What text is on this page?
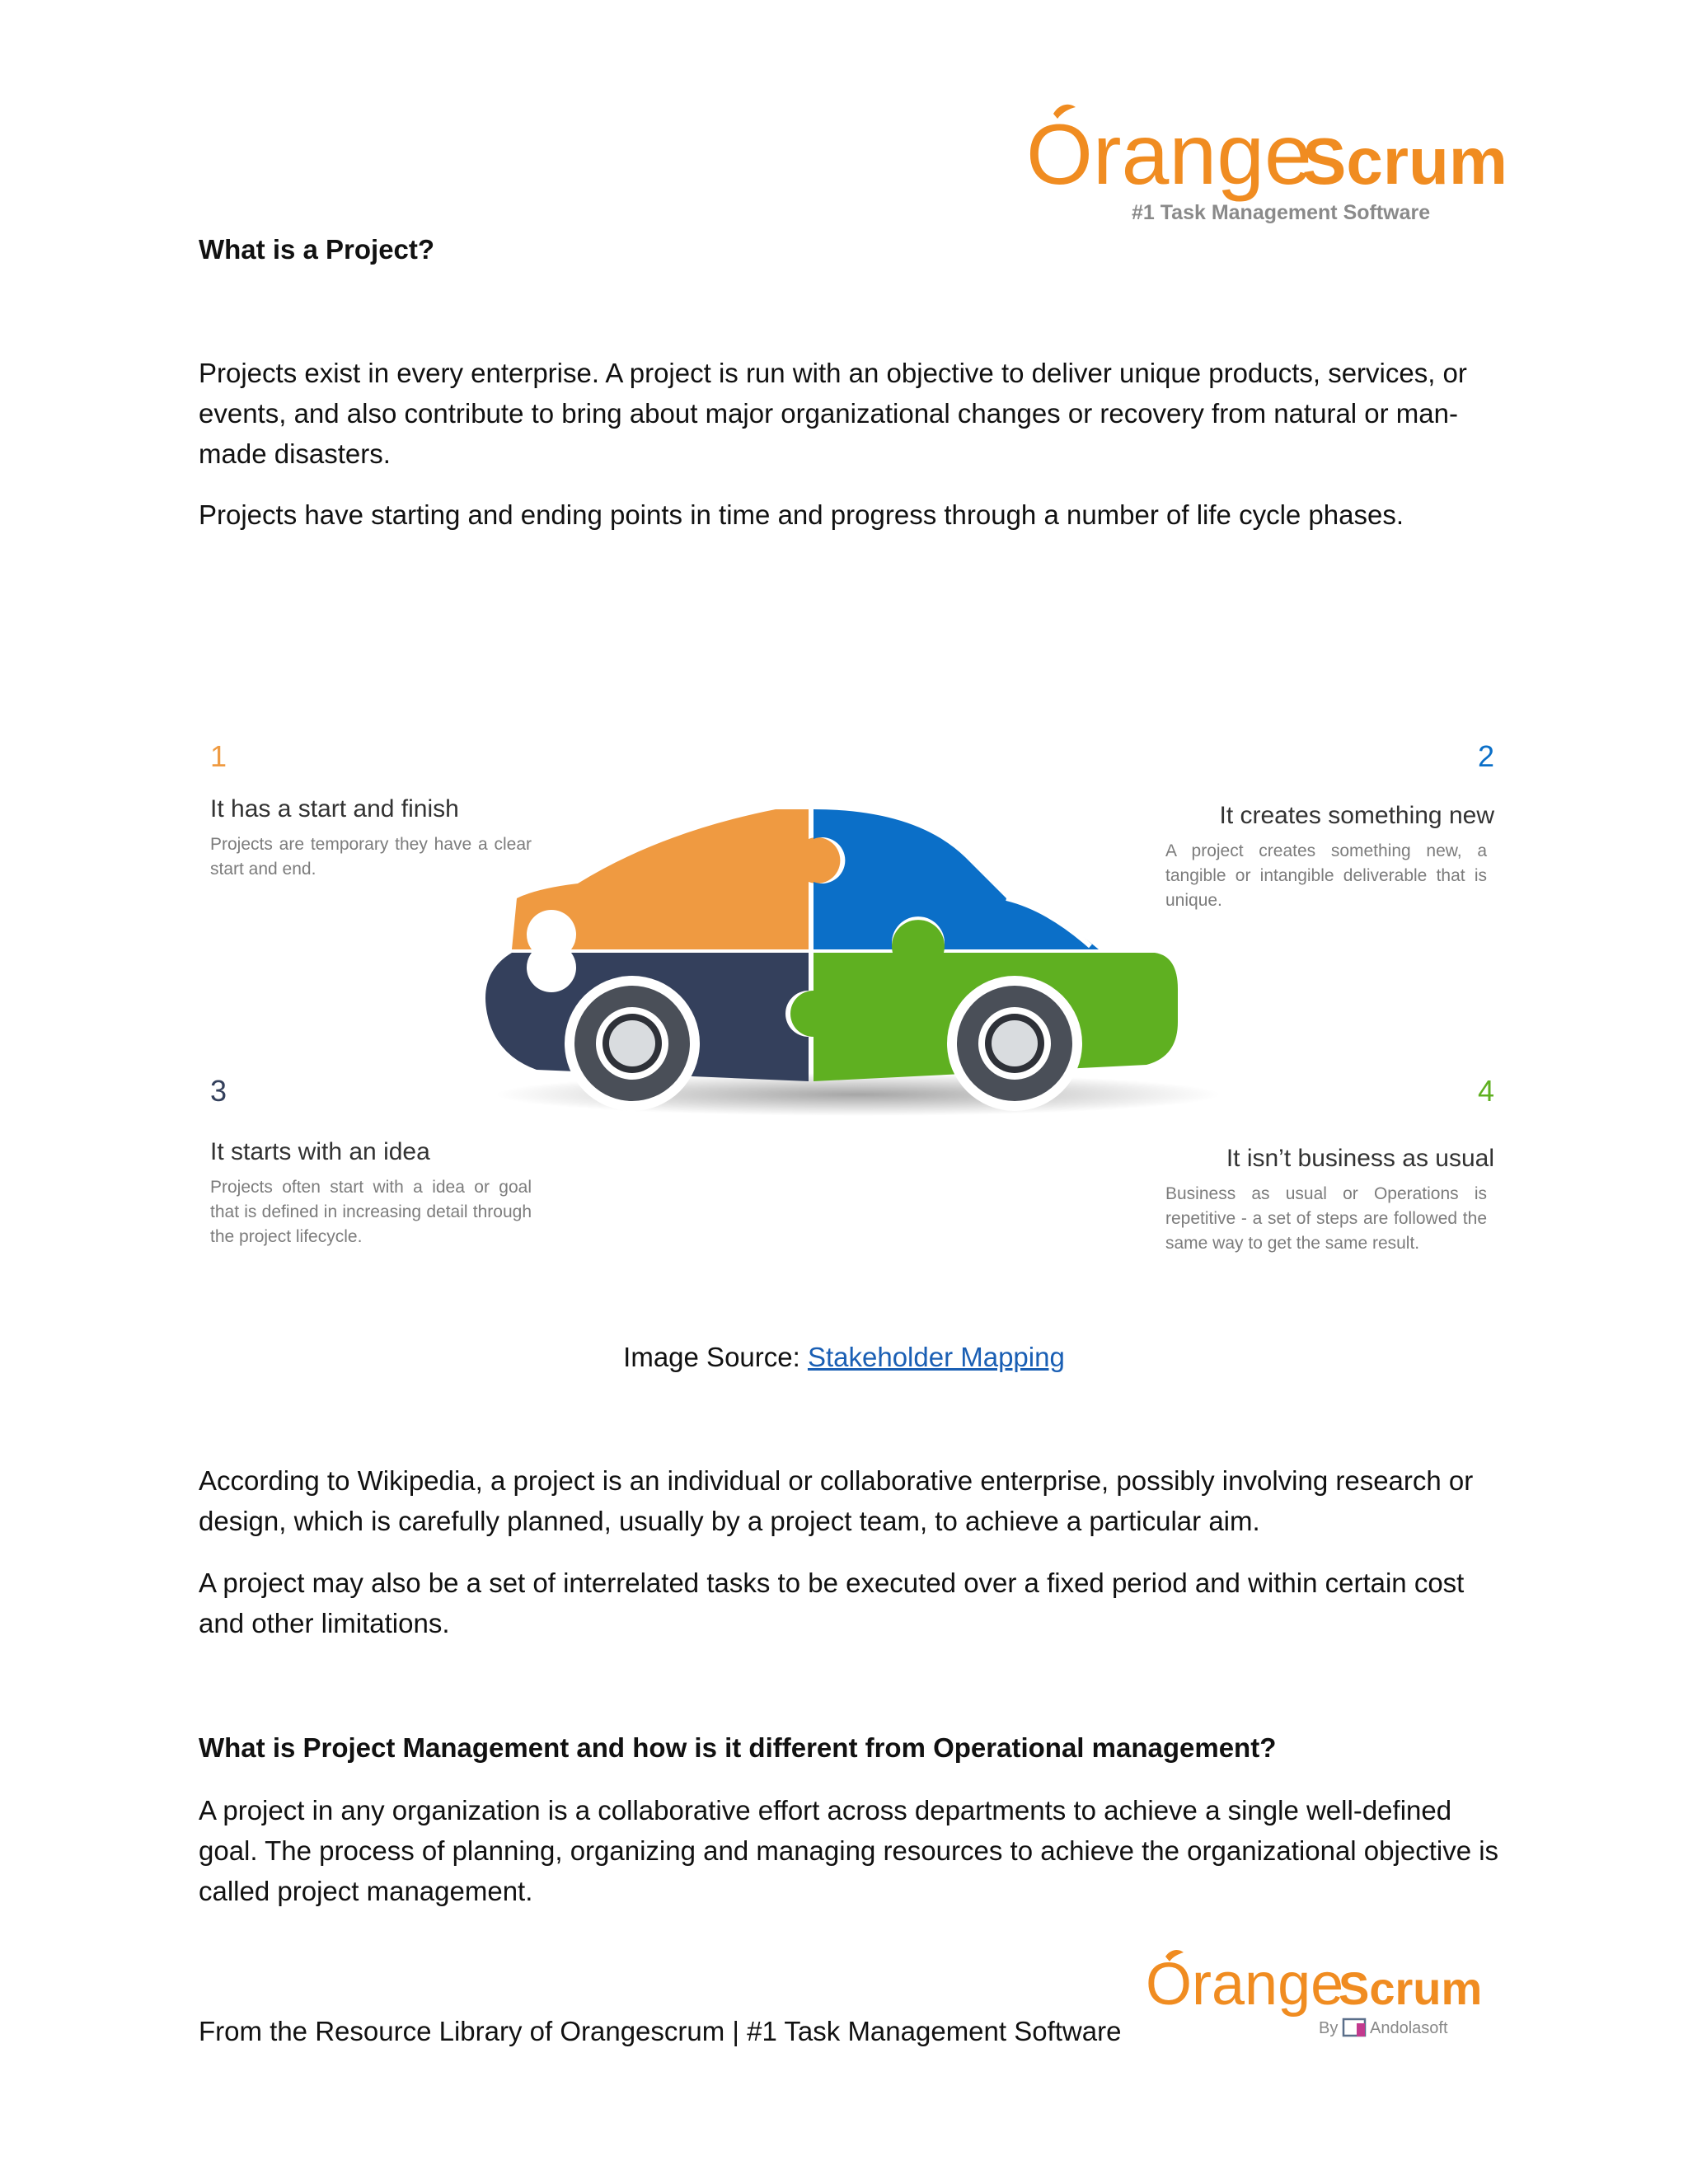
Orange
Scrum
#1 Task Management Software
What is a Project?
Projects exist in every enterprise. A project is run with an objective to deliver unique products, services, or events, and also contribute to bring about major organizational changes or recovery from natural or man-made disasters.
Projects have starting and ending points in time and progress through a number of life cycle phases.
1
It has a start and finish
Projects are temporary they have a clear start and end.
2
It creates something new
A project creates something new, a tangible or intangible deliverable that is unique.
3
It starts with an idea
Projects often start with a idea or goal that is defined in increasing detail through the project lifecycle.
4
It isn’t business as usual
Business as usual or Operations is repetitive - a set of steps are followed the same way to get the same result.
Image Source: Stakeholder Mapping
According to Wikipedia, a project is an individual or collaborative enterprise, possibly involving research or design, which is carefully planned, usually by a project team, to achieve a particular aim.
A project may also be a set of interrelated tasks to be executed over a fixed period and within certain cost and other limitations.
What is Project Management and how is it different from Operational management?
A project in any organization is a collaborative effort across departments to achieve a single well-defined goal. The process of planning, organizing and managing resources to achieve the organizational objective is called project management.
From the Resource Library of Orangescrum | #1 Task Management Software
Orange
Scrum
By Andolasoft
